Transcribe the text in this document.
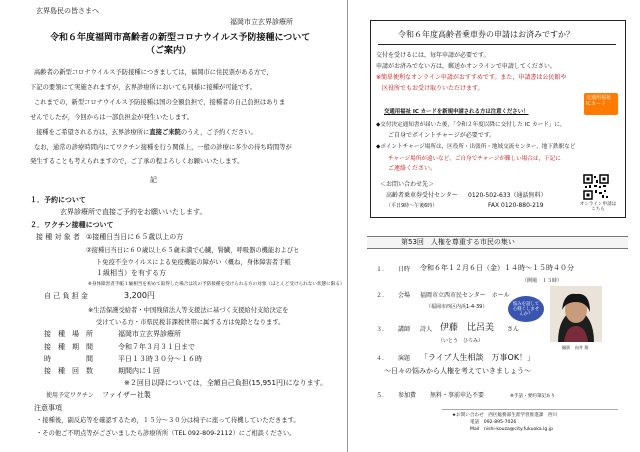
玄界島民の皆さまへ
福岡市立玄界診療所
令和６年度福岡市高齢者の新型コロナウイルス予防接種について
（ご案内）
高齢者の新型コロナウイルス予防接種につきましては，福岡市に住民票がある方で，
下記の要領にて実施されますが，玄界診療所においても同様に接種が可能です。
これまでの，新型コロナウイルス予防接種は国の全額負担で，接種者の自己負担はありま
せんでしたが，今回からは一部負担金が発生いたします。
接種をご希望される方は，玄界診療所に直接ご来院のうえ，ご予約ください。
なお，通常の診療時間内にてワクチン接種を行う関係上，一般の診療に多少の待ち時間等が
発生することも考えられますので，ご了承の程よろしくお願いいたします。
記
１．予約について
玄界診療所で直接ご予約をお願いいたします。
２．ワクチン接種について
接 種 対 象 者 ①接種日当日に６５歳以上の方
②接種日当日に６０歳以上６５歳未満で心臓，腎臓，呼吸器の機能およびヒ
ト免疫不全ウイルスによる免疫機能の障がい（概ね，身体障害者手帳
１級相当）を有する方
※身体障害者手帳１級相当を初めて取得した場合は次の予防接種を受けられる方の対象（ほとんど受けられない状態に限る）
自 己 負 担 金	3,200円
※生活保護受給者・中国残留法人等支援法に基づく支援給付支給決定を
受けている方・市県民税非課税世帯に属する方は免除となります。
接　種　場　所	福岡市立玄界診療所
接　種　期　間	令和７年３月３１日まで
時　　　　　間	平日１３時３０分～１６時
接　種　回　数	期間内に１回
※２回目以降については，全額自己負担(15,951円)になります。
使用予定ワクチン ファイザー社製
注意事項
・接種後，副反応等を確認するため，１５分～３０分は椅子に座って待機していただきます。
・その他ご不明点等がございましたら診療所所（TEL 092-809-2112）にご相談ください。
令和６年度高齢者乗車券の申請はお済みですか？
交付を受けるには，毎年申請が必要です。
申請がお済みでない方は，郵送かオンラインで申請してください。
※簡単便利なオンライン申請がおすすめです。また，申請書は公民館や
区役所でもお受け取りいただけます。
交通用福祉 ICカード
交通用福祉 IC カードを新規申請される方は注意ください！
◆交付決定通知書が届いた後，「令和２年度以降に交付した IC カード」に，
ご自身でポイントチャージが必要です。
◆ポイントチャージ場所は，区役所・出張所・地域交流センター，地下鉄駅など
チャージ場所が遠いなど，ご自身でチャージが難しい場合は，下記に
ご連絡ください。
＜お問い合わせ先＞
高齢者乗車券受付センター 0120-502-633（通話無料）
（平日9時～午後6時）	FAX 0120-880-219	オンライン申請はこちら
第53回　人権を尊重する市民の集い
１． 日時 令和６年１２月６日（金）１４時～１５時４０分
（開場　１３時）
２． 会場 福岡市立西市民センター　ホール
（福岡市西区内浜1-4-39）
３． 講師 詩人 伊藤　比呂美 さん
（いとう　ひろみ）
４． 演題 「ライブ人生相談　万事OK！」
～日々の悩みから人権を考えていきましょう～
５． 参加費 無料・事前申込不要	※手話・要約筆記あり
悩みを話して心軽くしませんか？
撮影　向井 翔
★お問い合わせ　西区総務部生涯学習推進課　西川
電話　092-895-7026
Mail　nishi-kouza@city.fukuoka.lg.jp
